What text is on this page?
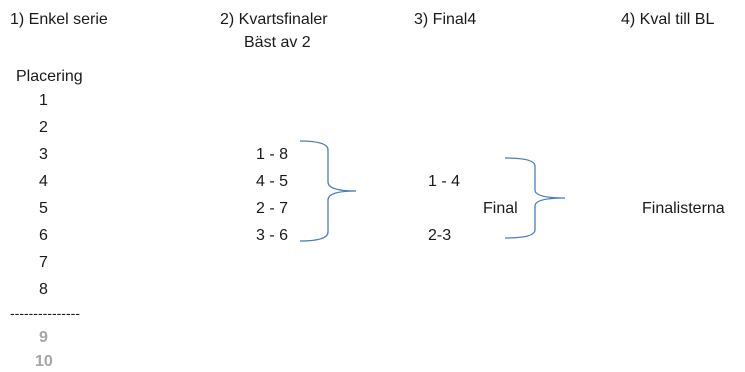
1) Enkel serie	2) Kvartsfinaler
Bäst av 2
3) Final4	4) Kval till BL
Placering
1
2
3
4
5
6
7
8
---------------
9
10
1 - 8
4 - 5
2 - 7
3 - 6
1 - 4
2-3
Final	Finalisterna
